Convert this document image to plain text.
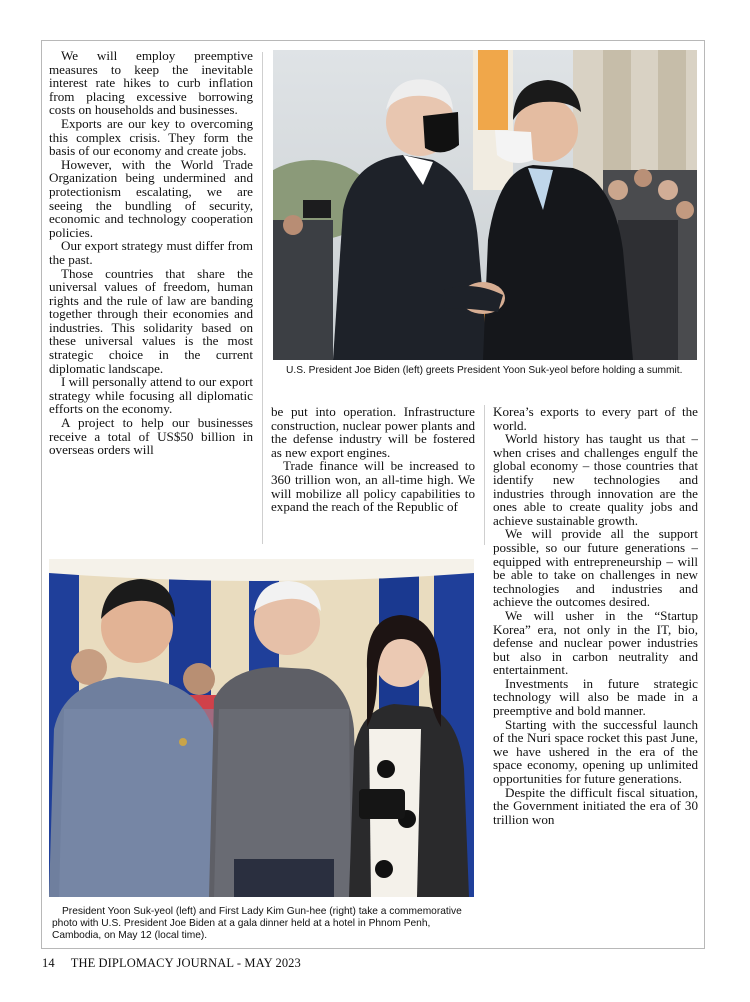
We will employ preemptive measures to keep the inevitable interest rate hikes to curb inflation from placing excessive borrowing costs on households and businesses.

Exports are our key to overcoming this complex crisis. They form the basis of our economy and create jobs.

However, with the World Trade Organization being undermined and protectionism escalating, we are seeing the bundling of security, economic and technology cooperation policies.

Our export strategy must differ from the past.

Those countries that share the universal values of freedom, human rights and the rule of law are banding together through their economies and industries. This solidarity based on these universal values is the most strategic choice in the current diplomatic landscape.

I will personally attend to our export strategy while focusing all diplomatic efforts on the economy.

A project to help our businesses receive a total of US$50 billion in overseas orders will

U.S. President Joe Biden (left) greets President Yoon Suk-yeol before holding a summit.

be put into operation. Infrastructure construction, nuclear power plants and the defense industry will be fostered as new export engines.

Trade finance will be increased to 360 trillion won, an all-time high. We will mobilize all policy capabilities to expand the reach of the Republic of

Korea’s exports to every part of the world.

World history has taught us that – when crises and challenges engulf the global economy – those countries that identify new technologies and industries through innovation are the ones able to create quality jobs and achieve sustainable growth.

We will provide all the support possible, so our future generations – equipped with entrepreneurship – will be able to take on challenges in new technologies and industries and achieve the outcomes desired.

We will usher in the “Startup Korea” era, not only in the IT, bio, defense and nuclear power industries but also in carbon neutrality and entertainment.

Investments in future strategic technology will also be made in a preemptive and bold manner.

Starting with the successful launch of the Nuri space rocket this past June, we have ushered in the era of the space economy, opening up unlimited opportunities for future generations.

Despite the difficult fiscal situation, the Government initiated the era of 30 trillion won

President Yoon Suk-yeol (left) and First Lady Kim Gun-hee (right) take a commemorative photo with U.S. President Joe Biden at a gala dinner held at a hotel in Phnom Penh, Cambodia, on May 12 (local time).
14 THE DIPLOMACY JOURNAL - MAY 2023
